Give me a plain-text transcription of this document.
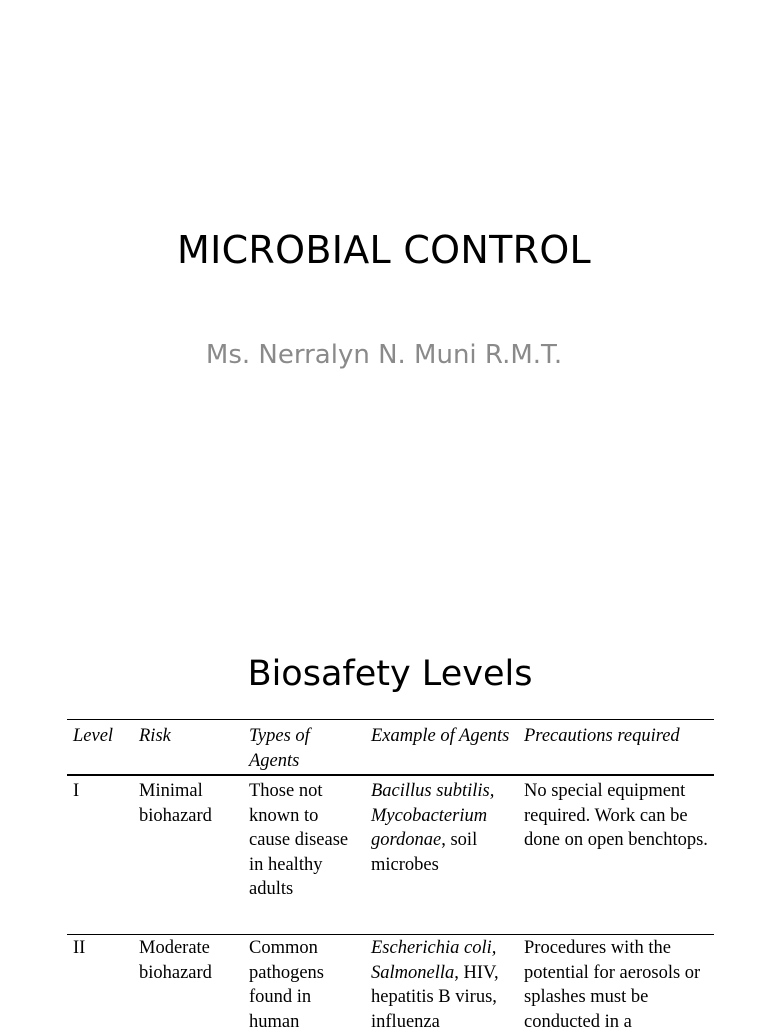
MICROBIAL CONTROL
Ms. Nerralyn N. Muni R.M.T.
Biosafety Levels
Level	Risk	Types of Agents	Example of Agents	Precautions required
I	Minimal biohazard	Those not known to cause disease in healthy adults	Bacillus subtilis, Mycobacterium gordonae, soil microbes	No special equipment required. Work can be done on open benchtops.
II	Moderate biohazard	Common pathogens found in human	Escherichia coli, Salmonella, HIV, hepatitis B virus, influenza	Procedures with the potential for aerosols or splashes must be conducted in a
